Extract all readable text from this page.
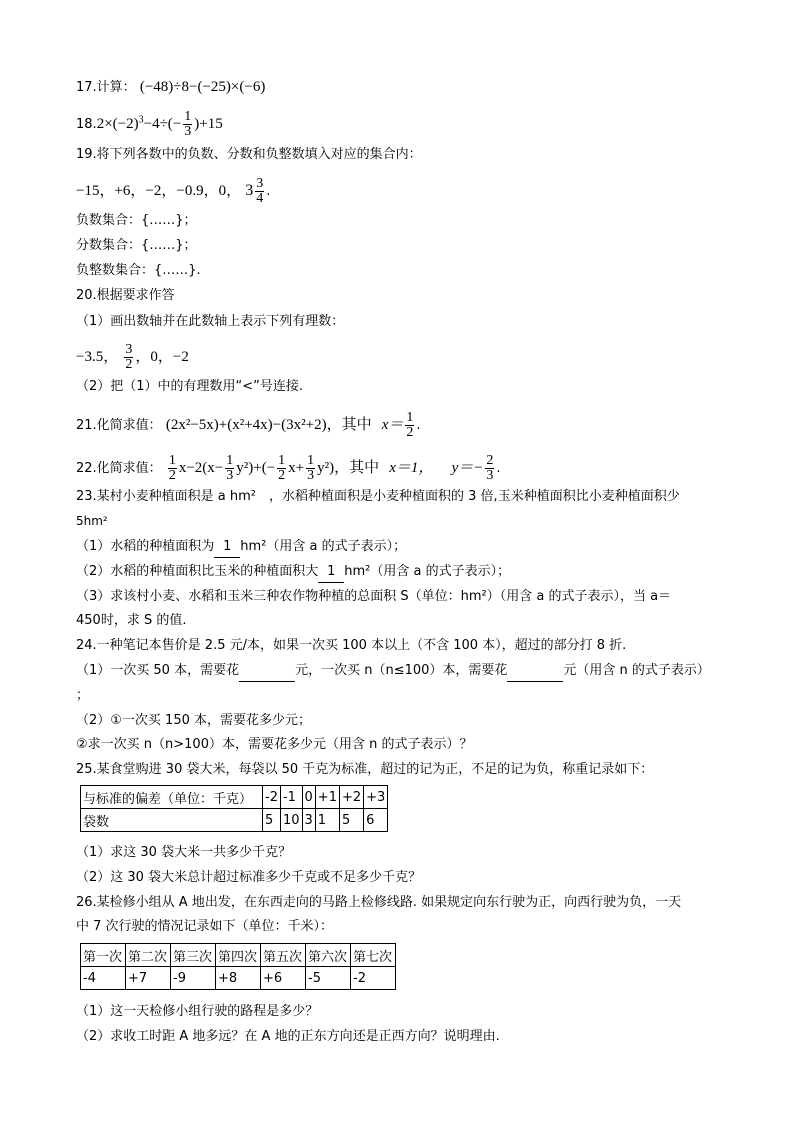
17.计算： (−48)÷8−(−25)×(−6)
$18.2\times(-2)^3-4\div(- \frac{1}{3} )+15$
19.将下列各数中的负数、分数和负整数填入对应的集合内：
−15，+6，−2，−0.9，0， $3 \frac{3}{4}$ .
负数集合：{……}；
分数集合：{……}；
负整数集合：{……}.
20.根据要求作答
（1）画出数轴并在此数轴上表示下列有理数：
−3.5， $\frac{3}{2}$ ，0，−2
（2）把（1）中的有理数用“<”号连接.
21.化简求值： (2x²−5x)+(x²+4x)−(3x²+2)，其中 $x= \frac{1}{2}$ .
22.化简求值： $\frac{1}{2} x-2(x- \frac{1}{3} y^2)+(- \frac{1}{2} x+ \frac{1}{3} y^2)$，其中 x＝1， $y=- \frac{2}{3}$ .
23.某村小麦种植面积是 a hm²　，水稻种植面积是小麦种植面积的 3 倍,玉米种植面积比小麦种植面积少
5hm²
（1）水稻的种植面积为 1 hm²（用含 a 的式子表示）；
（2）水稻的种植面积比玉米的种植面积大 1 hm²（用含 a 的式子表示）；
（3）求该村小麦、水稻和玉米三种农作物种植的总面积 S（单位：hm²）（用含 a 的式子表示），当 a＝
450时，求 S 的值.
24.一种笔记本售价是 2.5 元/本，如果一次买 100 本以上（不含 100 本），超过的部分打 8 折.
（1）一次买 50 本，需要花	元，一次买 n（n≤100）本，需要花	元（用含 n 的式子表示）
；
（2）①一次买 150 本，需要花多少元；
②求一次买 n（n>100）本，需要花多少元（用含 n 的式子表示）？
25.某食堂购进 30 袋大米，每袋以 50 千克为标准，超过的记为正，不足的记为负，称重记录如下：
与标准的偏差（单位：千克）	-2	-1	0	+1	+2	+3
袋数	5	10	3	1	5	6
（1）求这 30 袋大米一共多少千克？
（2）这 30 袋大米总计超过标准多少千克或不足多少千克？
26.某检修小组从 A 地出发，在东西走向的马路上检修线路. 如果规定向东行驶为正，向西行驶为负，一天
中 7 次行驶的情况记录如下（单位：千米）：
第一次	第二次	第三次	第四次	第五次	第六次	第七次
-4	+7	-9	+8	+6	-5	-2
（1）这一天检修小组行驶的路程是多少？
（2）求收工时距 A 地多远？在 A 地的正东方向还是正西方向？说明理由.
